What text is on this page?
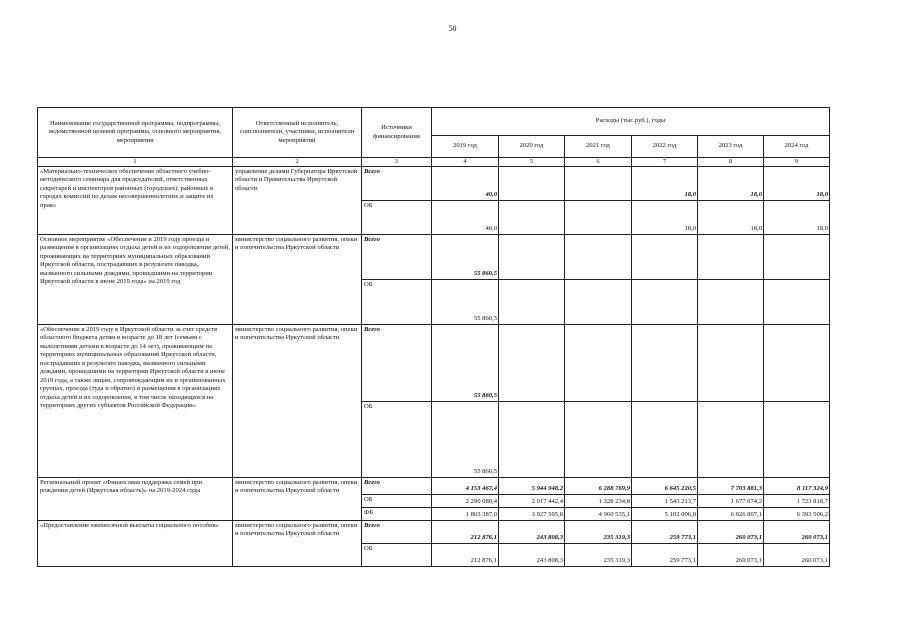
50
Наименование государственной программы, подпрограммы, ведомственной целевой программы, основного мероприятия, мероприятия	Ответственный исполнитель, соисполнители, участники, исполнители мероприятий	Источники финансирования	Расходы (тыс.руб.), годы					
			2019 год	2020 год	2021 год	2022 год	2023 год	2024 год
1	2	3	4	5	6	7	8	9
«Материально-техническое обеспечение областного учебно-методического семинара для председателей, ответственных секретарей и инспекторов районных (городских), районных в городах комиссий по делам несовершеннолетних и защите их прав»	управление делами Губернатора Иркутской области и Правительства Иркутской области	Всего	40,0			18,0	18,0	18,0
		ОБ	40,0			18,0	18,0	18,0
Основное мероприятие «Обеспечение в 2019 году проезда и размещения в организациях отдыха детей и их оздоровления детей, проживающих на территориях муниципальных образований Иркутской области, пострадавших в результате паводка, вызванного сильными дождями, прошедшими на территории Иркутской области в июне 2019 года» на 2019 год	министерство социального развития, опеки и попечительства Иркутской области	Всего	55 860,5					
		ОБ	55 860,5					
«Обеспечение в 2019 году в Иркутской области за счет средств областного бюджета детям в возрасте до 18 лет (семьям с малолетними детьми в возрасте до 14 лет), проживающим на территориях муниципальных образований Иркутской области, пострадавших в результате паводка, вызванного сильными дождями, прошедшими на территории Иркутской области в июне 2019 года, а также лицам, сопровождающим их в организованных группах, проезда (туда и обратно) и размещения в организациях отдыха детей и их оздоровления, в том числе находящихся на территориях других субъектов Российской Федерации»	министерство социального развития, опеки и попечительства Иркутской области	Всего	55 860,5					
		ОБ	55 860,5					
Региональный проект «Финансовая поддержка семей при рождении детей (Иркутская область)» на 2019-2024 годы	министерство социального развития, опеки и попечительства Иркутской области	Всего	4 153 467,4	5 944 948,2	6 288 769,9	6 645 220,5	7 703 881,3	8 117 324,9
		ОБ	2 290 080,4	2 017 442,4	1 328 234,8	1 543 213,7	1 677 074,2	1 723 818,7
		ФБ	1 863 387,0	3 927 505,8	4 960 535,1	5 102 006,8	6 026 807,1	6 393 506,2
«Предоставление ежемесячной выплаты социального пособия»	министерство социального развития, опеки и попечительства Иркутской области	Всего	212 876,1	243 808,3	235 319,3	259 773,1	260 073,1	260 073,1
		ОБ	212 876,1	243 808,3	235 319,3	259 773,1	260 073,1	260 073,1
